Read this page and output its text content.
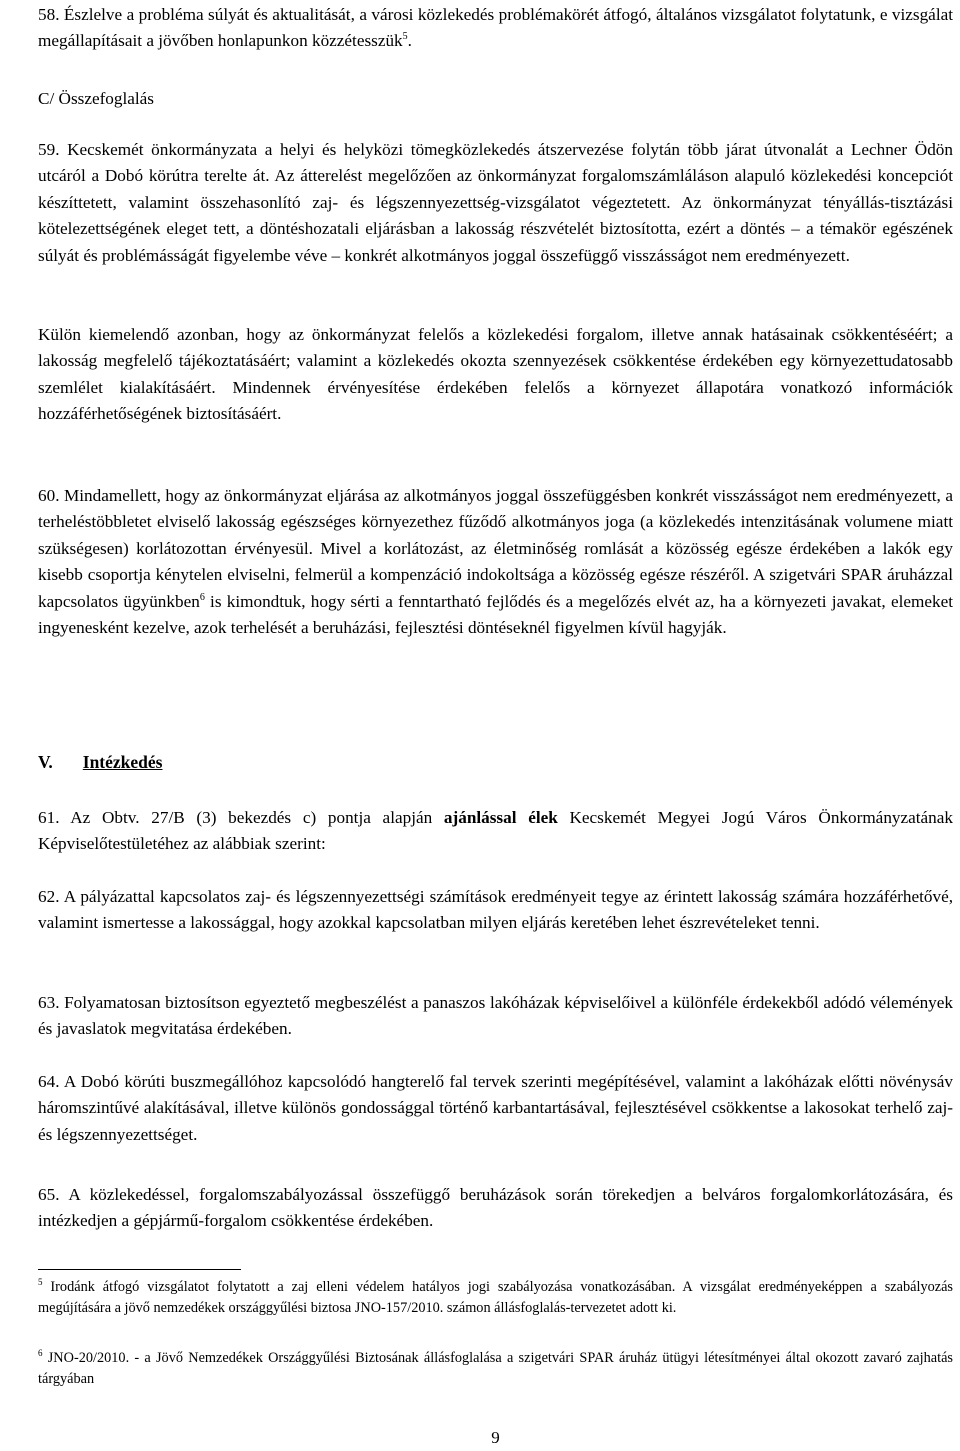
58. Észlelve a probléma súlyát és aktualitását, a városi közlekedés problémakörét átfogó, általános vizsgálatot folytatunk, e vizsgálat megállapításait a jövőben honlapunkon közzétesszük$^5$.

C/ Összefoglalás

59. Kecskemét önkormányzata a helyi és helyközi tömegközlekedés átszervezése folytán több járat útvonalát a Lechner Ödön utcáról a Dobó körútra terelte át. Az átterelést megelőzően az önkormányzat forgalomszámláláson alapuló közlekedési koncepciót készíttetett, valamint összehasonlító zaj- és légszennyezettség-vizsgálatot végeztetett. Az önkormányzat tényállás-tisztázási kötelezettségének eleget tett, a döntéshozatali eljárásban a lakosság részvételét biztosította, ezért a döntés – a témakör egészének súlyát és problémásságát figyelembe véve – konkrét alkotmányos joggal összefüggő visszásságot nem eredményezett.

Külön kiemelendő azonban, hogy az önkormányzat felelős a közlekedési forgalom, illetve annak hatásainak csökkentéséért; a lakosság megfelelő tájékoztatásáért; valamint a közlekedés okozta szennyezések csökkentése érdekében egy környezettudatosabb szemlélet kialakításáért. Mindennek érvényesítése érdekében felelős a környezet állapotára vonatkozó információk hozzáférhetőségének biztosításáért.

60. Mindamellett, hogy az önkormányzat eljárása az alkotmányos joggal összefüggésben konkrét visszásságot nem eredményezett, a terheléstöbbletet elviselő lakosság egészséges környezethez fűződő alkotmányos joga (a közlekedés intenzitásának volumene miatt szükségesen) korlátozottan érvényesül. Mivel a korlátozást, az életminőség romlását a közösség egésze érdekében a lakók egy kisebb csoportja kénytelen elviselni, felmerül a kompenzáció indokoltsága a közösség egésze részéről. A szigetvári SPAR áruházzal kapcsolatos ügyünkben$^6$ is kimondtuk, hogy sérti a fenntartható fejlődés és a megelőzés elvét az, ha a környezeti javakat, elemeket ingyenesként kezelve, azok terhelését a beruházási, fejlesztési döntéseknél figyelmen kívül hagyják.

V. Intézkedés

61. Az Obtv. 27/B (3) bekezdés c) pontja alapján ajánlással élek Kecskemét Megyei Jogú Város Önkormányzatának Képviselőtestületéhez az alábbiak szerint:

62. A pályázattal kapcsolatos zaj- és légszennyezettségi számítások eredményeit tegye az érintett lakosság számára hozzáférhetővé, valamint ismertesse a lakossággal, hogy azokkal kapcsolatban milyen eljárás keretében lehet észrevételeket tenni.

63. Folyamatosan biztosítson egyeztető megbeszélést a panaszos lakóházak képviselőivel a különféle érdekekből adódó vélemények és javaslatok megvitatása érdekében.

64. A Dobó körúti buszmegállóhoz kapcsolódó hangterelő fal tervek szerinti megépítésével, valamint a lakóházak előtti növénysáv háromszintűvé alakításával, illetve különös gondossággal történő karbantartásával, fejlesztésével csökkentse a lakosokat terhelő zaj- és légszennyezettséget.

65. A közlekedéssel, forgalomszabályozással összefüggő beruházások során törekedjen a belváros forgalomkorlátozására, és intézkedjen a gépjármű-forgalom csökkentése érdekében.

$^5$ Irodánk átfogó vizsgálatot folytatott a zaj elleni védelem hatályos jogi szabályozása vonatkozásában. A vizsgálat eredményeképpen a szabályozás megújítására a jövő nemzedékek országgyűlési biztosa JNO-157/2010. számon állásfoglalás-tervezetet adott ki.

$^6$ JNO-20/2010. - a Jövő Nemzedékek Országgyűlési Biztosának állásfoglalása a szigetvári SPAR áruház ütügyi létesítményei által okozott zavaró zajhatás tárgyában

9
